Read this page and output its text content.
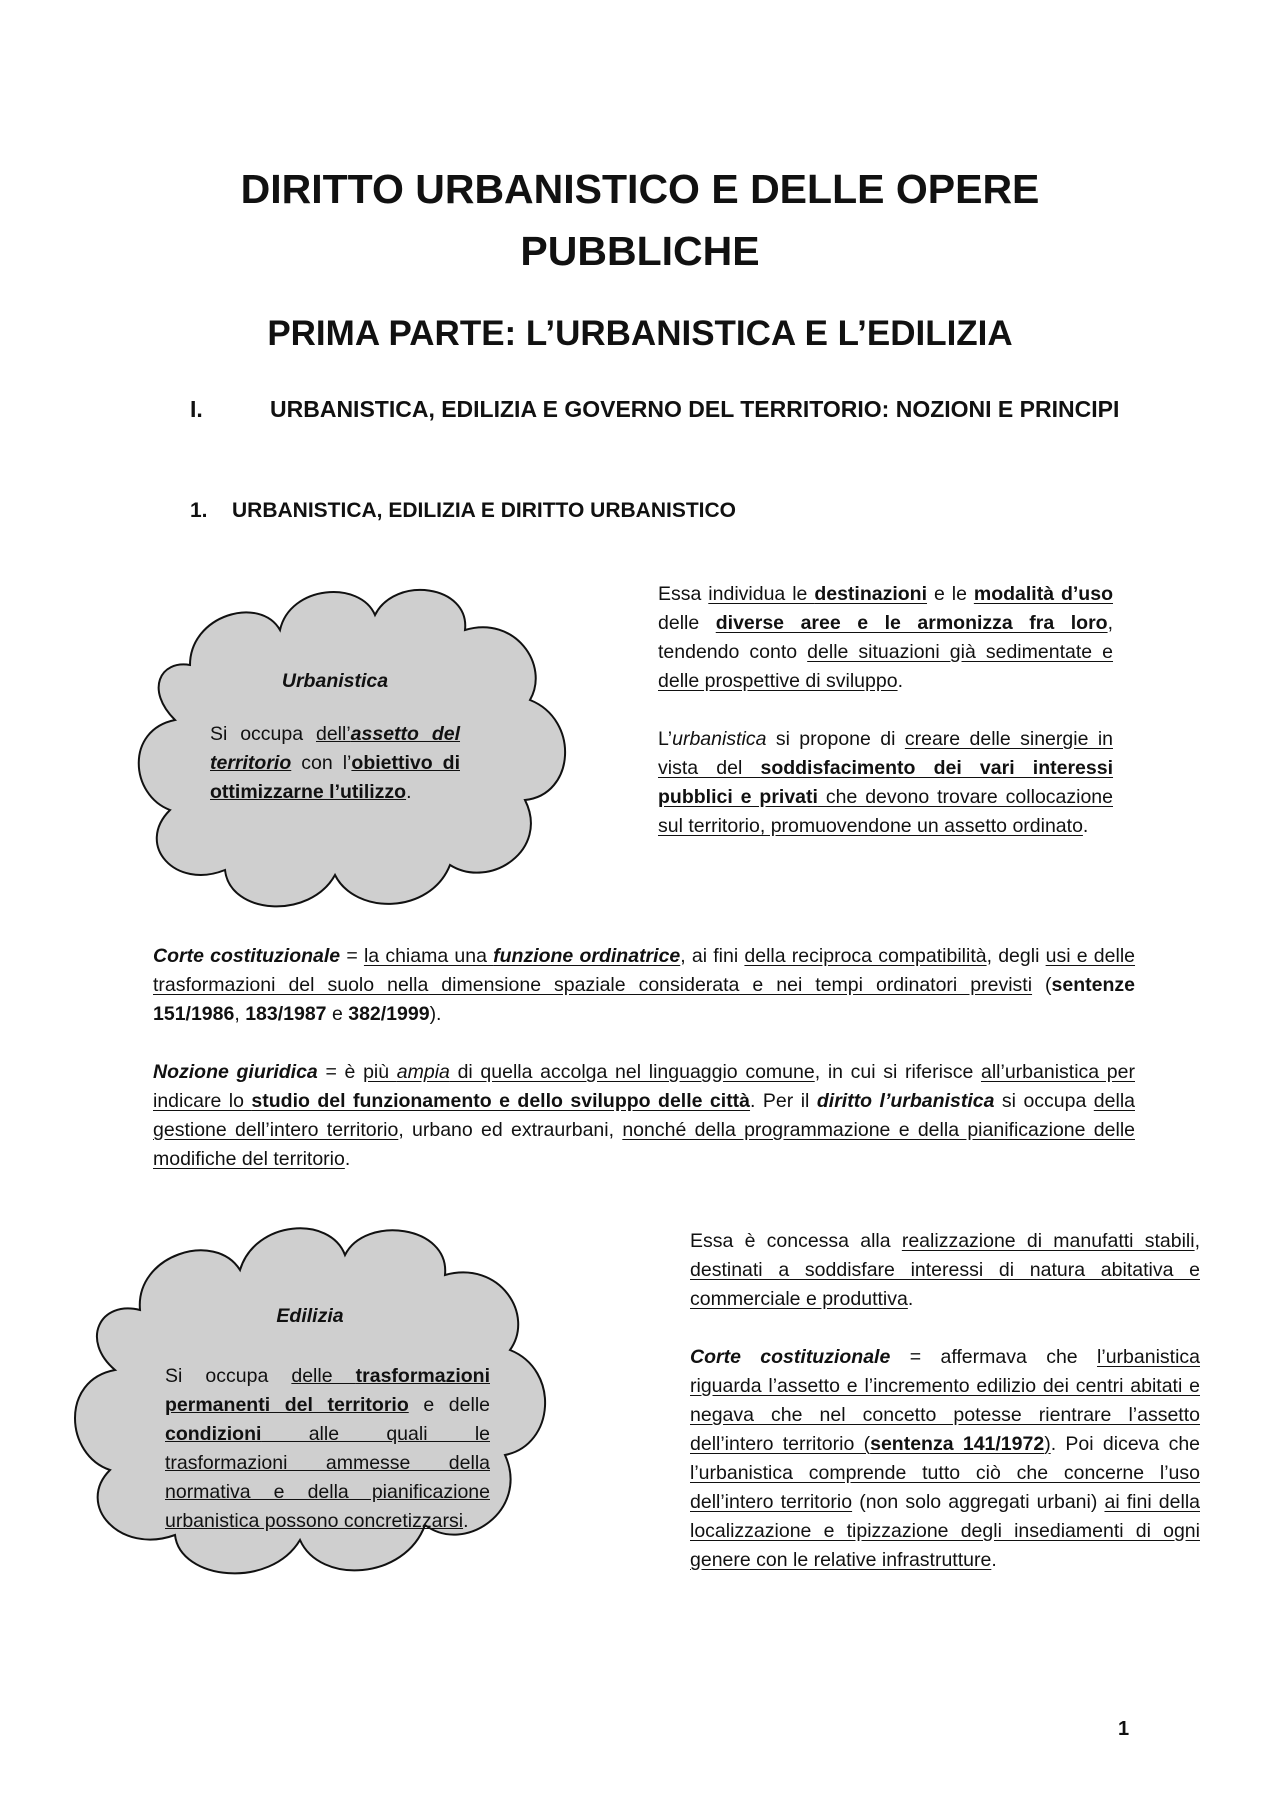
DIRITTO URBANISTICO E DELLE OPERE
PUBBLICHE
PRIMA PARTE: L’URBANISTICA E L’EDILIZIA
I.	URBANISTICA, EDILIZIA E GOVERNO DEL TERRITORIO: NOZIONI E PRINCIPI
1. URBANISTICA, EDILIZIA E DIRITTO URBANISTICO
Urbanistica

Si occupa dell’assetto del territorio con l’obiettivo di ottimizzarne l’utilizzo.

Essa individua le destinazioni e le modalità d’uso delle diverse aree e le armonizza fra loro, tendendo conto delle situazioni già sedimentate e delle prospettive di sviluppo.

L’urbanistica si propone di creare delle sinergie in vista del soddisfacimento dei vari interessi pubblici e privati che devono trovare collocazione sul territorio, promuovendone un assetto ordinato.

Corte costituzionale = la chiama una funzione ordinatrice, ai fini della reciproca compatibilità, degli usi e delle trasformazioni del suolo nella dimensione spaziale considerata e nei tempi ordinatori previsti (sentenze 151/1986, 183/1987 e 382/1999).

Nozione giuridica = è più ampia di quella accolga nel linguaggio comune, in cui si riferisce all’urbanistica per indicare lo studio del funzionamento e dello sviluppo delle città. Per il diritto l’urbanistica si occupa della gestione dell’intero territorio, urbano ed extraurbani, nonché della programmazione e della pianificazione delle modifiche del territorio.

Edilizia

Si occupa delle trasformazioni permanenti del territorio e delle condizioni alle quali le trasformazioni ammesse della normativa e della pianificazione urbanistica possono concretizzarsi.

Essa è concessa alla realizzazione di manufatti stabili, destinati a soddisfare interessi di natura abitativa e commerciale e produttiva.

Corte costituzionale = affermava che l’urbanistica riguarda l’assetto e l’incremento edilizio dei centri abitati e negava che nel concetto potesse rientrare l’assetto dell’intero territorio (sentenza 141/1972). Poi diceva che l’urbanistica comprende tutto ciò che concerne l’uso dell’intero territorio (non solo aggregati urbani) ai fini della localizzazione e tipizzazione degli insediamenti di ogni genere con le relative infrastrutture.

1
